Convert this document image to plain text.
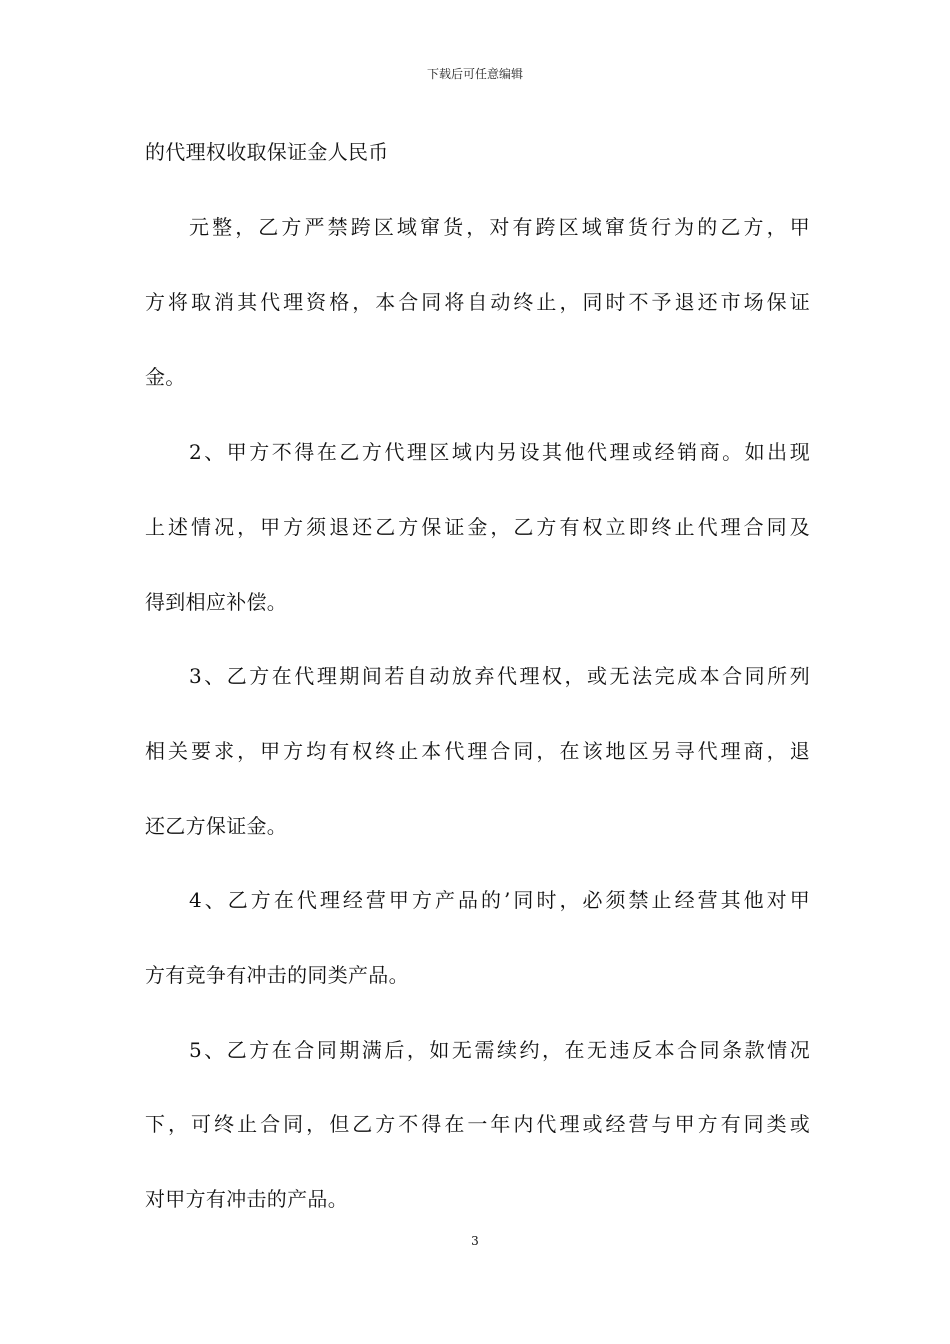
下载后可任意编辑
的代理权收取保证金人民币
元整，乙方严禁跨区域窜货，对有跨区域窜货行为的乙方，甲
方将取消其代理资格，本合同将自动终止，同时不予退还市场保证
金。
2、甲方不得在乙方代理区域内另设其他代理或经销商。如出现
上述情况，甲方须退还乙方保证金，乙方有权立即终止代理合同及
得到相应补偿。
3、乙方在代理期间若自动放弃代理权，或无法完成本合同所列
相关要求，甲方均有权终止本代理合同，在该地区另寻代理商，退
还乙方保证金。
4、乙方在代理经营甲方产品的’同时，必须禁止经营其他对甲
方有竞争有冲击的同类产品。
5、乙方在合同期满后，如无需续约，在无违反本合同条款情况
下，可终止合同，但乙方不得在一年内代理或经营与甲方有同类或
对甲方有冲击的产品。
3
